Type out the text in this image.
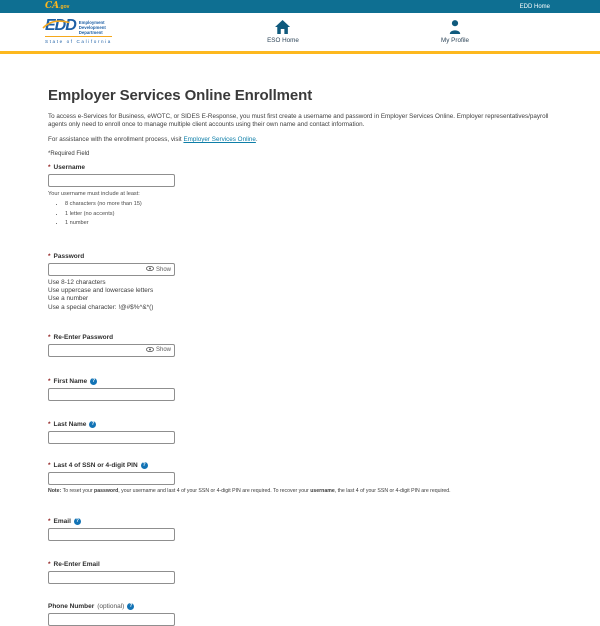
CA.gov	EDD Home
EDD Employment
Development
Department
State of California	ESO Home	My Profile
Employer Services Online Enrollment

To access e-Services for Business, eWOTC, or SIDES E-Response, you must first create a username and password in Employer Services Online. Employer representatives/payroll agents only need to enroll once to manage multiple client accounts using their own name and contact information.

For assistance with the enrollment process, visit Employer Services Online.

*Required Field

* Username
Your username must include at least:
• 8 characters (no more than 15)
• 1 letter (no accents)
• 1 number
* Password
Show
Use 8-12 characters
Use uppercase and lowercase letters
Use a number
Use a special character: !@#$%^&*()
* Re-Enter Password
Show
* First Name ?
* Last Name ?
* Last 4 of SSN or 4-digit PIN ?

Note: To reset your password, your username and last 4 of your SSN or 4-digit PIN are required. To recover your username, the last 4 of your SSN or 4-digit PIN are required.

* Email ?
* Re-Enter Email
Phone Number (optional) ?
